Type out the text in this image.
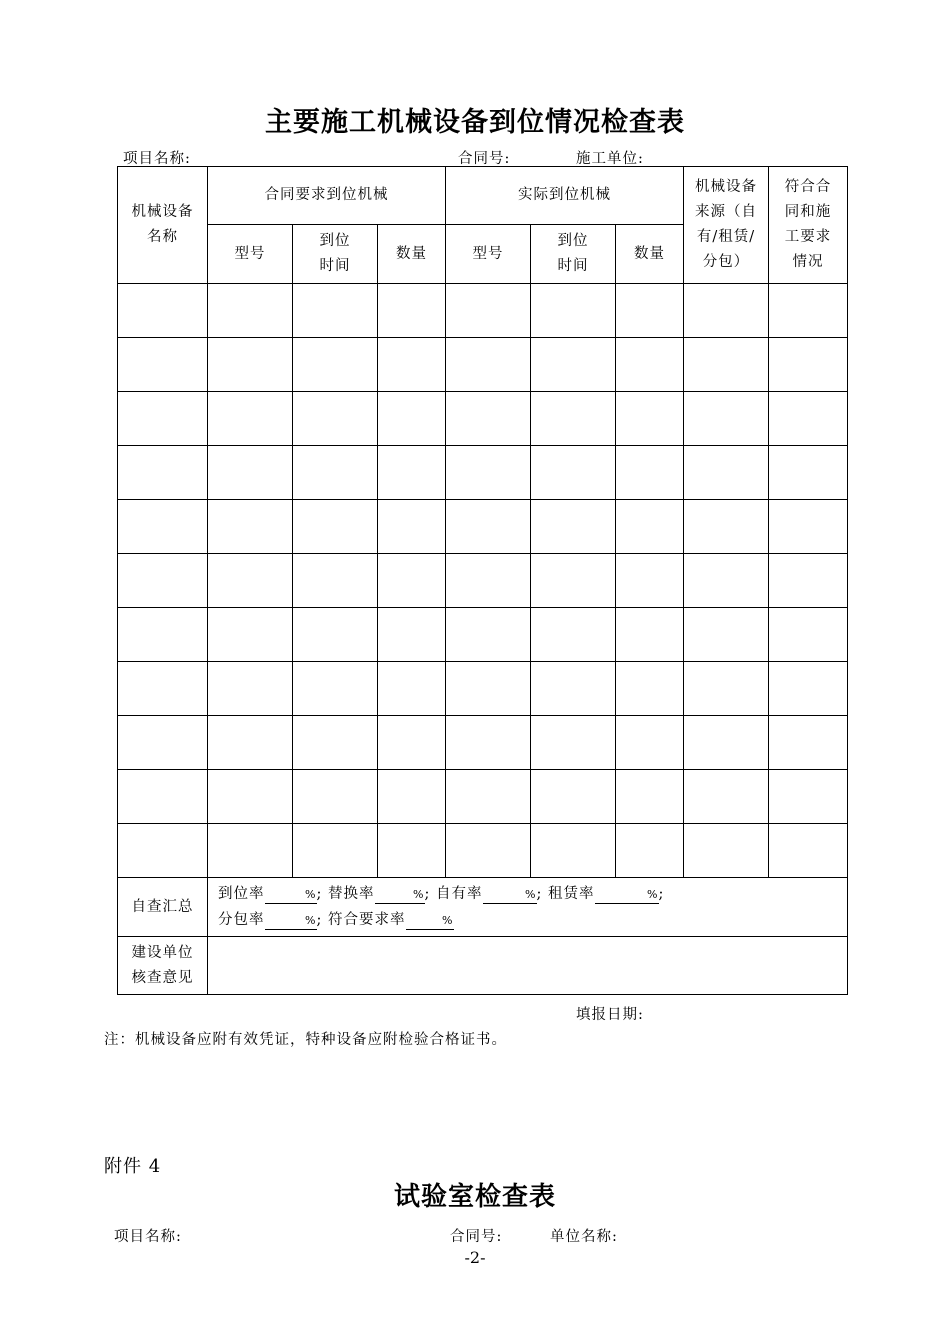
主要施工机械设备到位情况检查表
项目名称:	合同号:	施工单位:
机械设备名称	合同要求到位机械			实际到位机械			机械设备来源（自有/租赁/分包）	符合合同和施工要求情况

	型号	到位时间	数量	型号	到位时间	数量		

自查汇总	到位率 %; 替换率 %; 自有率 %; 租赁率 %;
分包率 %; 符合要求率 %							

建设单位核查意见								

填报日期:
注：机械设备应附有效凭证，特种设备应附检验合格证书。
附件 4
试验室检查表
项目名称:	合同号:	单位名称:
-2-
